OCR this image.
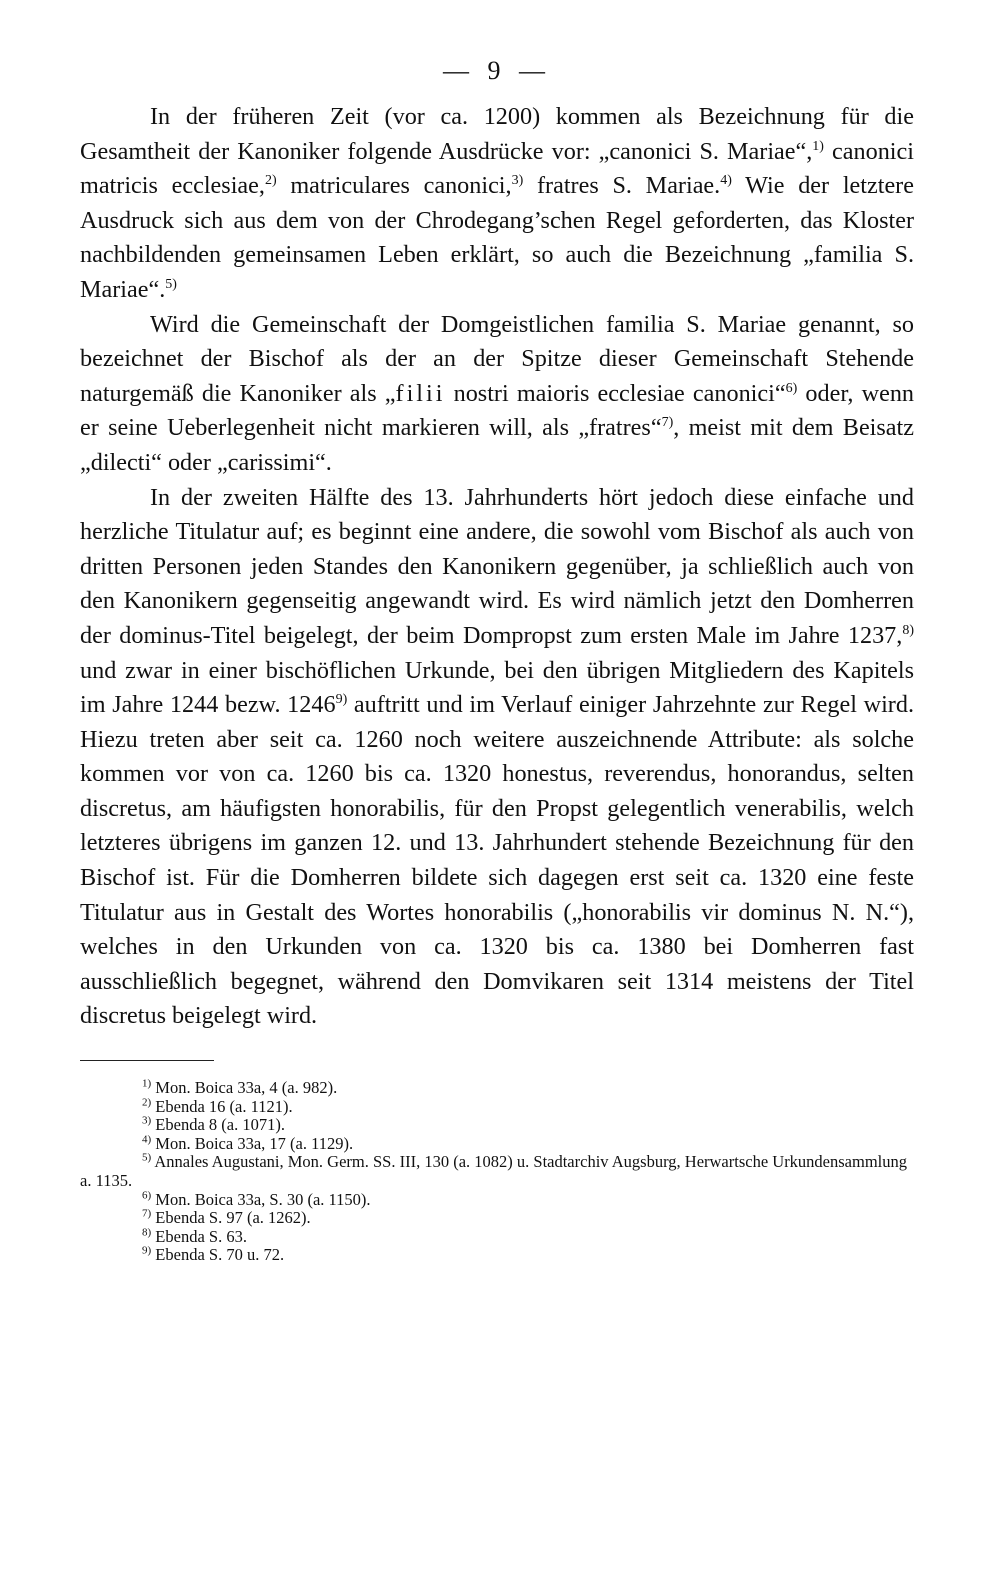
— 9 —

In der früheren Zeit (vor ca. 1200) kommen als Bezeichnung für die Gesamtheit der Kanoniker folgende Ausdrücke vor: „canonici S. Mariae“,$^{1)}$ canonici matricis ecclesiae,$^{2)}$ matriculares canonici,$^{3)}$ fratres S. Mariae.$^{4)}$ Wie der letztere Ausdruck sich aus dem von der Chrodegang’schen Regel geforderten, das Kloster nachbildenden gemeinsamen Leben erklärt, so auch die Bezeichnung „familia S. Mariae“.$^{5)}$

Wird die Gemeinschaft der Domgeistlichen familia S. Mariae genannt, so bezeichnet der Bischof als der an der Spitze dieser Gemeinschaft Stehende naturgemäß die Kanoniker als „filii nostri maioris ecclesiae canonici“$^{6)}$ oder, wenn er seine Ueberlegenheit nicht markieren will, als „fratres“$^{7)}$, meist mit dem Beisatz „dilecti“ oder „carissimi“.

In der zweiten Hälfte des 13. Jahrhunderts hört jedoch diese einfache und herzliche Titulatur auf; es beginnt eine andere, die sowohl vom Bischof als auch von dritten Personen jeden Standes den Kanonikern gegenüber, ja schließlich auch von den Kanonikern gegenseitig angewandt wird. Es wird nämlich jetzt den Domherren der dominus-Titel beigelegt, der beim Dompropst zum ersten Male im Jahre 1237,$^{8)}$ und zwar in einer bischöflichen Urkunde, bei den übrigen Mitgliedern des Kapitels im Jahre 1244 bezw. 1246$^{9)}$ auftritt und im Verlauf einiger Jahrzehnte zur Regel wird. Hiezu treten aber seit ca. 1260 noch weitere auszeichnende Attribute: als solche kommen vor von ca. 1260 bis ca. 1320 honestus, reverendus, honorandus, selten discretus, am häufigsten honorabilis, für den Propst gelegentlich venerabilis, welch letzteres übrigens im ganzen 12. und 13. Jahrhundert stehende Bezeichnung für den Bischof ist. Für die Domherren bildete sich dagegen erst seit ca. 1320 eine feste Titulatur aus in Gestalt des Wortes honorabilis („honorabilis vir dominus N. N.“), welches in den Urkunden von ca. 1320 bis ca. 1380 bei Domherren fast ausschließlich begegnet, während den Domvikaren seit 1314 meistens der Titel discretus beigelegt wird.

$^{1)}$ Mon. Boica 33a, 4 (a. 982).

$^{2)}$ Ebenda 16 (a. 1121).

$^{3)}$ Ebenda 8 (a. 1071).

$^{4)}$ Mon. Boica 33a, 17 (a. 1129).

$^{5)}$ Annales Augustani, Mon. Germ. SS. III, 130 (a. 1082) u. Stadtarchiv Augsburg, Herwartsche Urkundensammlung a. 1135.

$^{6)}$ Mon. Boica 33a, S. 30 (a. 1150).

$^{7)}$ Ebenda S. 97 (a. 1262).

$^{8)}$ Ebenda S. 63.

$^{9)}$ Ebenda S. 70 u. 72.
